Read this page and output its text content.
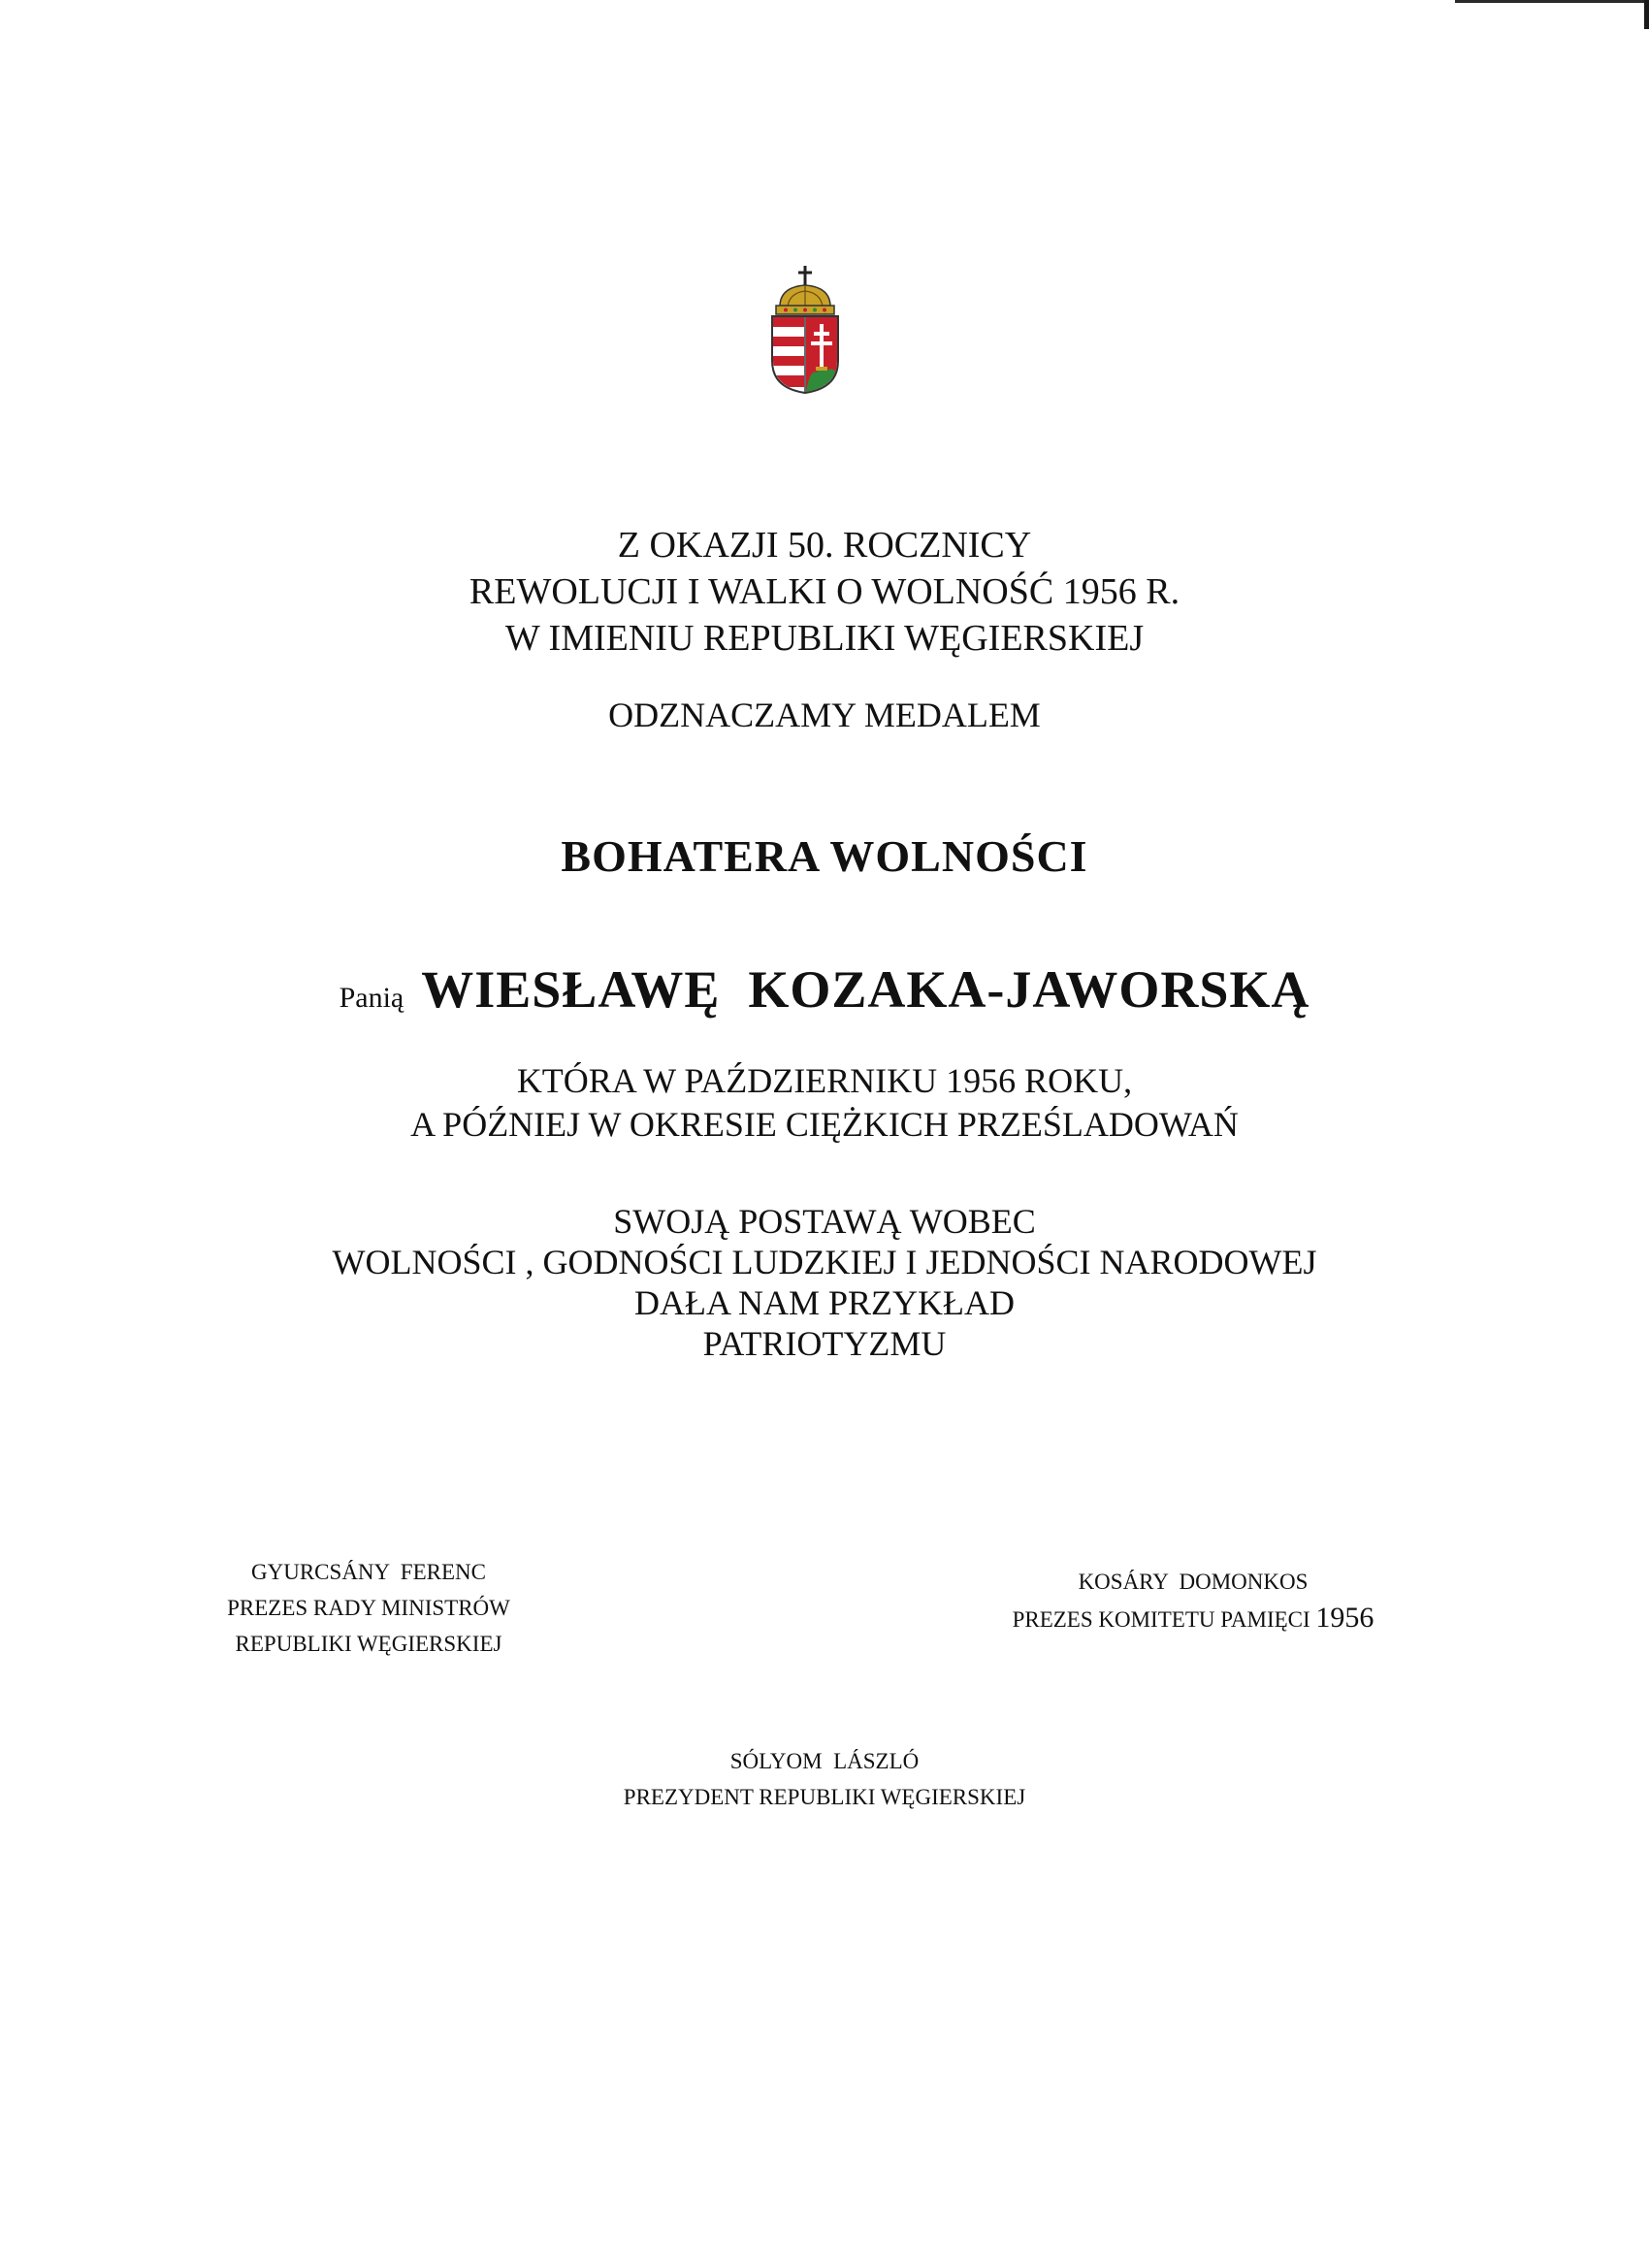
Z OKAZJI 50. ROCZNICY
REWOLUCJI I WALKI O WOLNOŚĆ 1956 R.
W IMIENIU REPUBLIKI WĘGIERSKIEJ
ODZNACZAMY MEDALEM
BOHATERA WOLNOŚCI
Panią WIESŁAWĘ  KOZAKA-JAWORSKĄ
KTÓRA W PAŹDZIERNIKU 1956 ROKU,
A PÓŹNIEJ W OKRESIE CIĘŻKICH PRZEŚLADOWAŃ
SWOJĄ POSTAWĄ WOBEC
WOLNOŚCI , GODNOŚCI LUDZKIEJ I JEDNOŚCI NARODOWEJ
DAŁA NAM PRZYKŁAD
PATRIOTYZMU
GYURCSÁNY  FERENC
PREZES RADY MINISTRÓW
REPUBLIKI WĘGIERSKIEJ
KOSÁRY  DOMONKOS
PREZES KOMITETU PAMIĘCI 1956
SÓLYOM  LÁSZLÓ
PREZYDENT REPUBLIKI WĘGIERSKIEJ
